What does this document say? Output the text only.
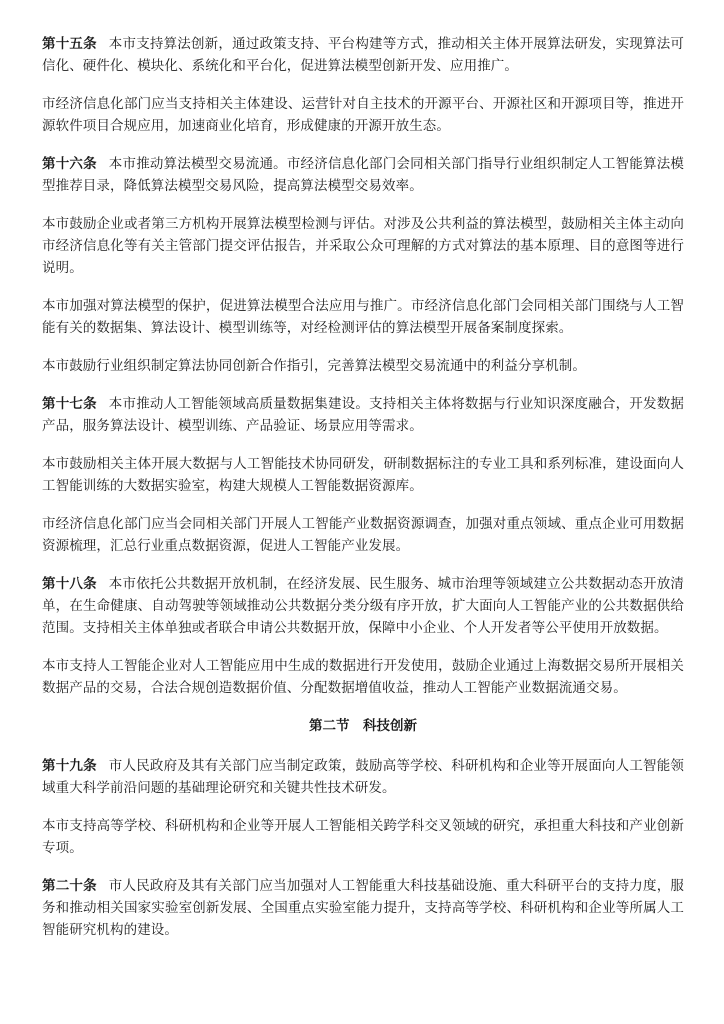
第十五条 本市支持算法创新，通过政策支持、平台构建等方式，推动相关主体开展算法研发，实现算法可信化、硬件化、模块化、系统化和平台化，促进算法模型创新开发、应用推广。

市经济信息化部门应当支持相关主体建设、运营针对自主技术的开源平台、开源社区和开源项目等，推进开源软件项目合规应用，加速商业化培育，形成健康的开源开放生态。

第十六条 本市推动算法模型交易流通。市经济信息化部门会同相关部门指导行业组织制定人工智能算法模型推荐目录，降低算法模型交易风险，提高算法模型交易效率。

本市鼓励企业或者第三方机构开展算法模型检测与评估。对涉及公共利益的算法模型，鼓励相关主体主动向市经济信息化等有关主管部门提交评估报告，并采取公众可理解的方式对算法的基本原理、目的意图等进行说明。

本市加强对算法模型的保护，促进算法模型合法应用与推广。市经济信息化部门会同相关部门围绕与人工智能有关的数据集、算法设计、模型训练等，对经检测评估的算法模型开展备案制度探索。

本市鼓励行业组织制定算法协同创新合作指引，完善算法模型交易流通中的利益分享机制。

第十七条 本市推动人工智能领域高质量数据集建设。支持相关主体将数据与行业知识深度融合，开发数据产品，服务算法设计、模型训练、产品验证、场景应用等需求。

本市鼓励相关主体开展大数据与人工智能技术协同研发，研制数据标注的专业工具和系列标准，建设面向人工智能训练的大数据实验室，构建大规模人工智能数据资源库。

市经济信息化部门应当会同相关部门开展人工智能产业数据资源调查，加强对重点领域、重点企业可用数据资源梳理，汇总行业重点数据资源，促进人工智能产业发展。

第十八条 本市依托公共数据开放机制，在经济发展、民生服务、城市治理等领域建立公共数据动态开放清单，在生命健康、自动驾驶等领域推动公共数据分类分级有序开放，扩大面向人工智能产业的公共数据供给范围。支持相关主体单独或者联合申请公共数据开放，保障中小企业、个人开发者等公平使用开放数据。

本市支持人工智能企业对人工智能应用中生成的数据进行开发使用，鼓励企业通过上海数据交易所开展相关数据产品的交易，合法合规创造数据价值、分配数据增值收益，推动人工智能产业数据流通交易。

第二节　科技创新

第十九条 市人民政府及其有关部门应当制定政策，鼓励高等学校、科研机构和企业等开展面向人工智能领域重大科学前沿问题的基础理论研究和关键共性技术研发。

本市支持高等学校、科研机构和企业等开展人工智能相关跨学科交叉领域的研究，承担重大科技和产业创新专项。

第二十条 市人民政府及其有关部门应当加强对人工智能重大科技基础设施、重大科研平台的支持力度，服务和推动相关国家实验室创新发展、全国重点实验室能力提升，支持高等学校、科研机构和企业等所属人工智能研究机构的建设。
